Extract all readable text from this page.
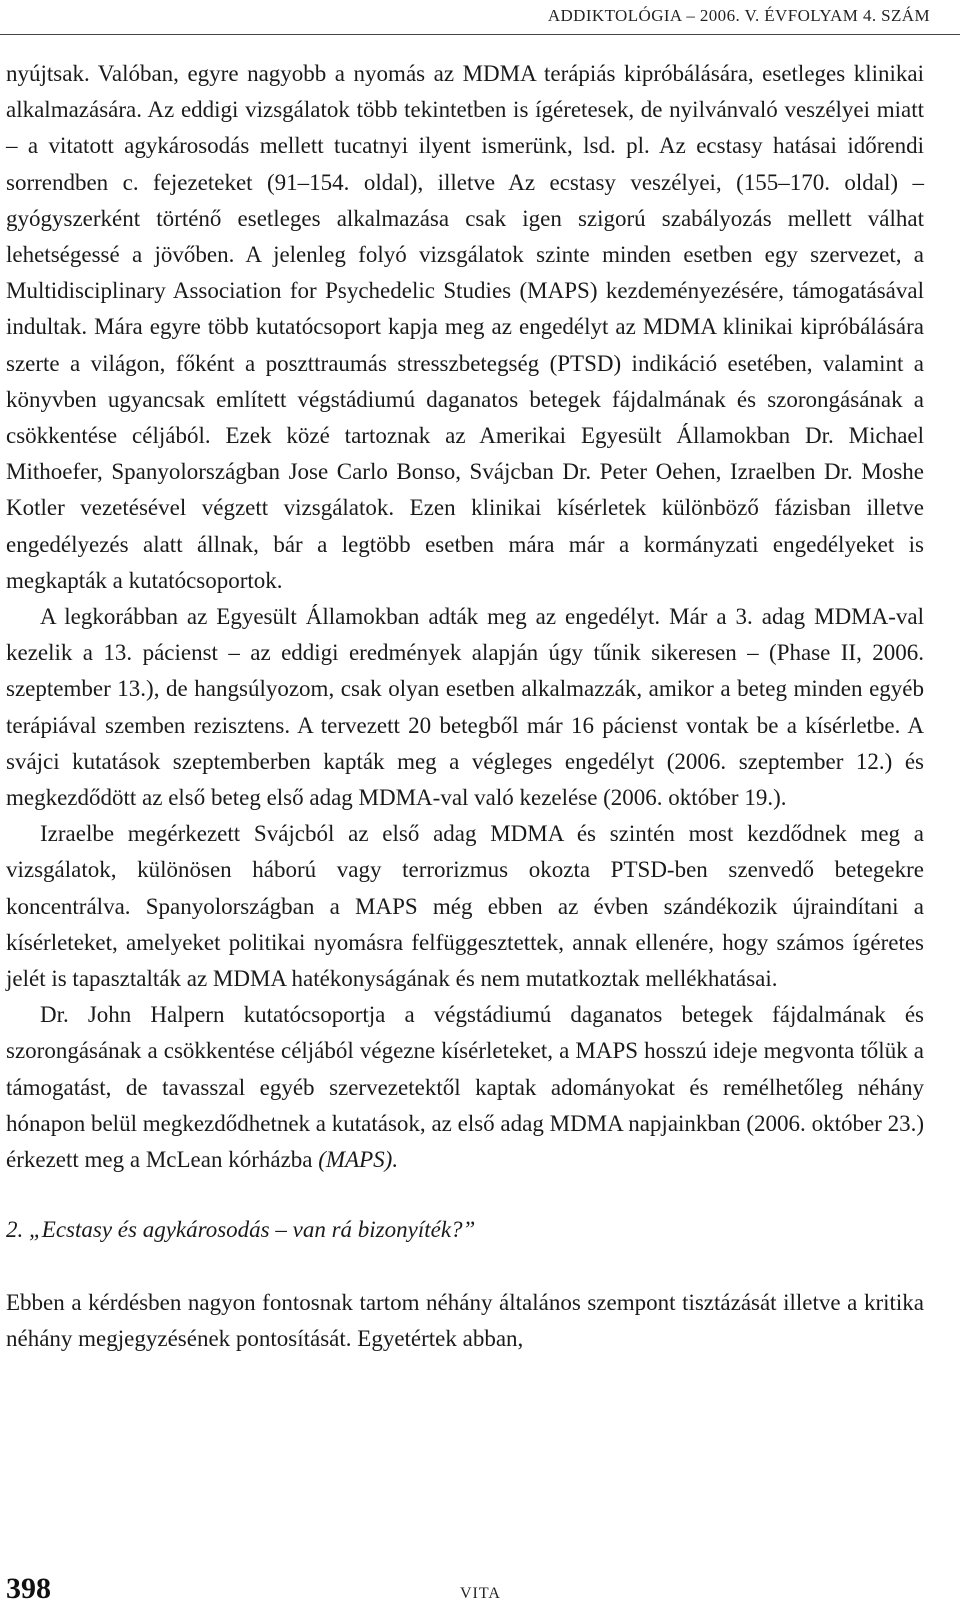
ADDIKTOLÓGIA – 2006. V. ÉVFOLYAM 4. SZÁM

nyújtsak. Valóban, egyre nagyobb a nyomás az MDMA terápiás kipróbálására, esetleges klinikai alkalmazására. Az eddigi vizsgálatok több tekintetben is ígéretesek, de nyilvánvaló veszélyei miatt – a vitatott agykárosodás mellett tucatnyi ilyent ismerünk, lsd. pl. Az ecstasy hatásai időrendi sorrendben c. fejezeteket (91–154. oldal), illetve Az ecstasy veszélyei, (155–170. oldal) – gyógyszerként történő esetleges alkalmazása csak igen szigorú szabályozás mellett válhat lehetségessé a jövőben. A jelenleg folyó vizsgálatok szinte minden esetben egy szervezet, a Multidisciplinary Association for Psychedelic Studies (MAPS) kezdeményezésére, támogatásával indultak. Mára egyre több kutatócsoport kapja meg az engedélyt az MDMA klinikai kipróbálására szerte a világon, főként a poszttraumás stresszbetegség (PTSD) indikáció esetében, valamint a könyvben ugyancsak említett végstádiumú daganatos betegek fájdalmának és szorongásának a csökkentése céljából. Ezek közé tartoznak az Amerikai Egyesült Államokban Dr. Michael Mithoefer, Spanyolországban Jose Carlo Bonso, Svájcban Dr. Peter Oehen, Izraelben Dr. Moshe Kotler vezetésével végzett vizsgálatok. Ezen klinikai kísérletek különböző fázisban illetve engedélyezés alatt állnak, bár a legtöbb esetben mára már a kormányzati engedélyeket is megkapták a kutatócsoportok.

A legkorábban az Egyesült Államokban adták meg az engedélyt. Már a 3. adag MDMA-val kezelik a 13. pácienst – az eddigi eredmények alapján úgy tűnik sikeresen – (Phase II, 2006. szeptember 13.), de hangsúlyozom, csak olyan esetben alkalmazzák, amikor a beteg minden egyéb terápiával szemben rezisztens. A tervezett 20 betegből már 16 pácienst vontak be a kísérletbe. A svájci kutatások szeptemberben kapták meg a végleges engedélyt (2006. szeptember 12.) és megkezdődött az első beteg első adag MDMA-val való kezelése (2006. október 19.).

Izraelbe megérkezett Svájcból az első adag MDMA és szintén most kezdődnek meg a vizsgálatok, különösen háború vagy terrorizmus okozta PTSD-ben szenvedő betegekre koncentrálva. Spanyolországban a MAPS még ebben az évben szándékozik újraindítani a kísérleteket, amelyeket politikai nyomásra felfüggesztettek, annak ellenére, hogy számos ígéretes jelét is tapasztalták az MDMA hatékonyságának és nem mutatkoztak mellékhatásai.

Dr. John Halpern kutatócsoportja a végstádiumú daganatos betegek fájdalmának és szorongásának a csökkentése céljából végezne kísérleteket, a MAPS hosszú ideje megvonta tőlük a támogatást, de tavasszal egyéb szervezetektől kaptak adományokat és remélhetőleg néhány hónapon belül megkezdődhetnek a kutatások, az első adag MDMA napjainkban (2006. október 23.) érkezett meg a McLean kórházba (MAPS).

2. „Ecstasy és agykárosodás – van rá bizonyíték?”

Ebben a kérdésben nagyon fontosnak tartom néhány általános szempont tisztázását illetve a kritika néhány megjegyzésének pontosítását. Egyetértek abban,

398	VITA
